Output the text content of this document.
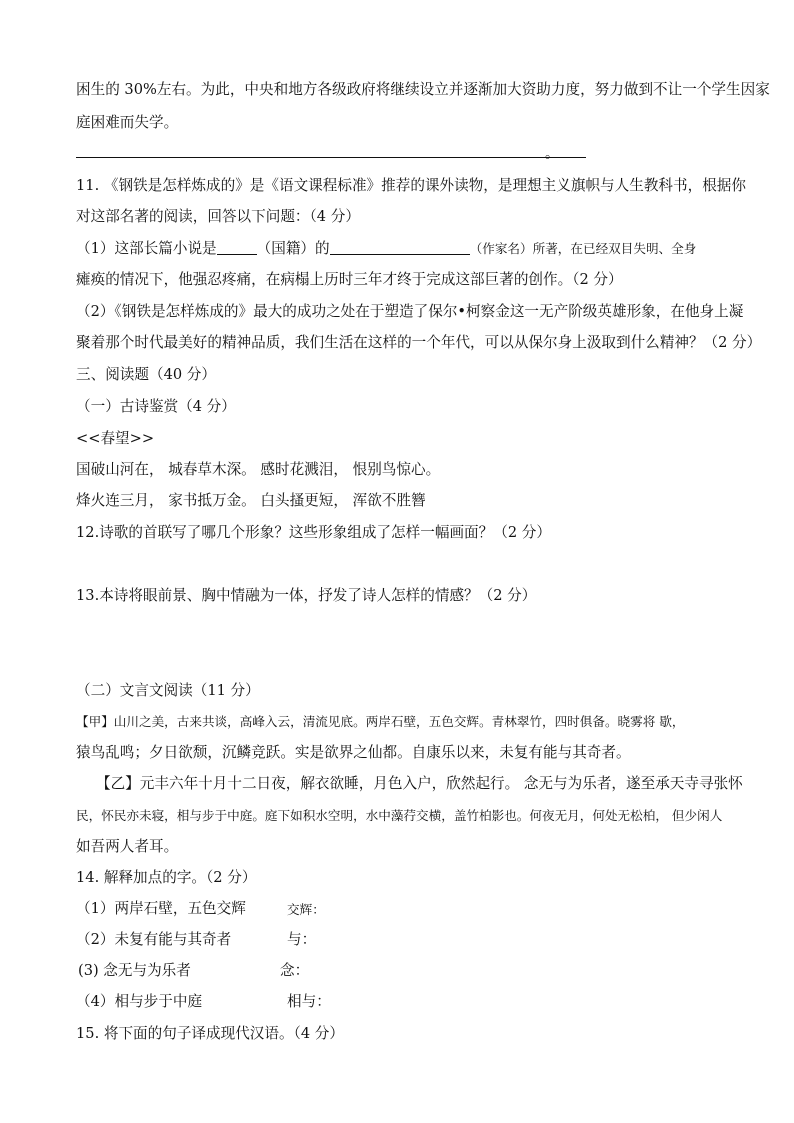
困生的 30%左右。为此，中央和地方各级政府将继续设立并逐渐加大资助力度，努力做到不让一个学生因家
庭困难而失学。
。
11. 《钢铁是怎样炼成的》是《语文课程标准》推荐的课外读物，是理想主义旗帜与人生教科书，根据你
对这部名著的阅读，回答以下问题：（4 分）
（1）这部长篇小说是	（国籍）的	（作家名）所著，在已经双目失明、全身
瘫痪的情况下，他强忍疼痛，在病榻上历时三年才终于完成这部巨著的创作。（2 分）
（2）《钢铁是怎样炼成的》最大的成功之处在于塑造了保尔•柯察金这一无产阶级英雄形象，在他身上凝
聚着那个时代最美好的精神品质，我们生活在这样的一个年代，可以从保尔身上汲取到什么精神？（2 分）
三、阅读题（40 分）
（一）古诗鉴赏（4 分）
<<春望>>
国破山河在， 城春草木深。 感时花溅泪， 恨别鸟惊心。
烽火连三月， 家书抵万金。 白头搔更短， 浑欲不胜簪
12.诗歌的首联写了哪几个形象？这些形象组成了怎样一幅画面？（2 分）
13.本诗将眼前景、胸中情融为一体，抒发了诗人怎样的情感？（2 分）
（二）文言文阅读（11 分）
【甲】山川之美，古来共谈，高峰入云，清流见底。两岸石壁，五色交辉。青林翠竹，四时俱备。晓雾将 歇，
猿鸟乱鸣；夕日欲颓，沉鳞竞跃。实是欲界之仙都。自康乐以来，未复有能与其奇者。
【乙】元丰六年十月十二日夜，解衣欲睡，月色入户，欣然起行。 念无与为乐者，遂至承天寺寻张怀
民，怀民亦未寝，相与步于中庭。庭下如积水空明，水中藻荇交横，盖竹柏影也。何夜无月，何处无松柏， 但少闲人
如吾两人者耳。
14. 解释加点的字。（2 分）
（1）两岸石壁，五色交辉	交辉：
（2）未复有能与其奇者	与：
(3) 念无与为乐者	念：
（4）相与步于中庭	相与：
15. 将下面的句子译成现代汉语。（4 分）
